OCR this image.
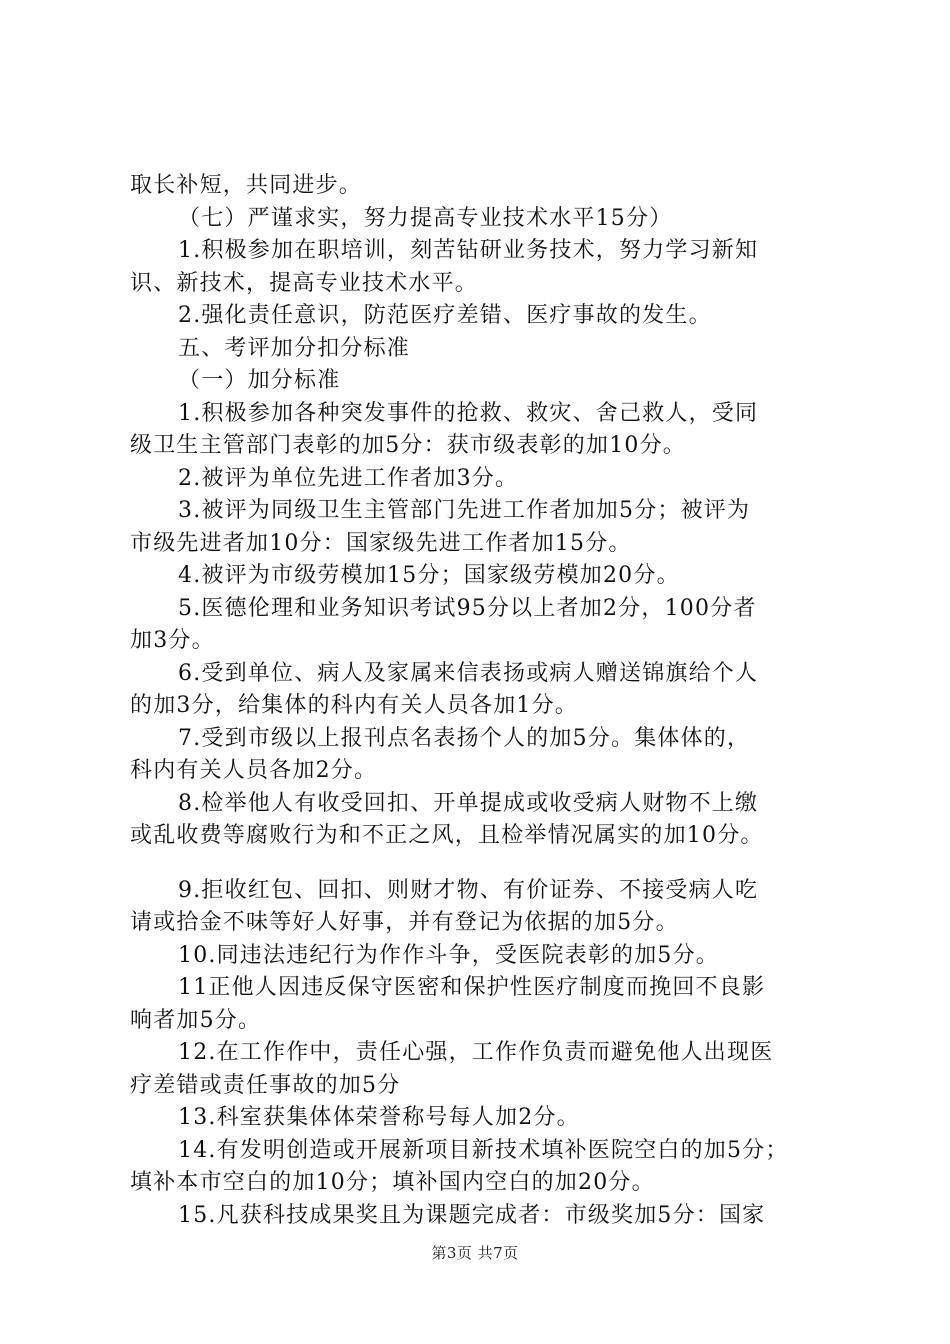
取长补短，共同进步。
（七）严谨求实，努力提高专业技术水平15分）
1.积极参加在职培训，刻苦钻研业务技术，努力学习新知
识、新技术，提高专业技术水平。
2.强化责任意识，防范医疗差错、医疗事故的发生。
五、考评加分扣分标准
（一）加分标准
1.积极参加各种突发事件的抢救、救灾、舍己救人，受同
级卫生主管部门表彰的加5分：获市级表彰的加10分。
2.被评为单位先进工作者加3分。
3.被评为同级卫生主管部门先进工作者加加5分；被评为
市级先进者加10分：国家级先进工作者加15分。
4.被评为市级劳模加15分；国家级劳模加20分。
5.医德伦理和业务知识考试95分以上者加2分，100分者
加3分。
6.受到单位、病人及家属来信表扬或病人赠送锦旗给个人
的加3分，给集体的科内有关人员各加1分。
7.受到市级以上报刊点名表扬个人的加5分。集体体的，
科内有关人员各加2分。
8.检举他人有收受回扣、开单提成或收受病人财物不上缴
或乱收费等腐败行为和不正之风，且检举情况属实的加10分。
9.拒收红包、回扣、则财才物、有价证券、不接受病人吃
请或拾金不味等好人好事，并有登记为依据的加5分。
10.同违法违纪行为作作斗争，受医院表彰的加5分。
11正他人因违反保守医密和保护性医疗制度而挽回不良影
响者加5分。
12.在工作作中，责任心强，工作作负责而避免他人出现医
疗差错或责任事故的加5分
13.科室获集体体荣誉称号每人加2分。
14.有发明创造或开展新项目新技术填补医院空白的加5分；
填补本市空白的加10分；填补国内空白的加20分。
15.凡获科技成果奖且为课题完成者：市级奖加5分：国家
第3页 共7页
